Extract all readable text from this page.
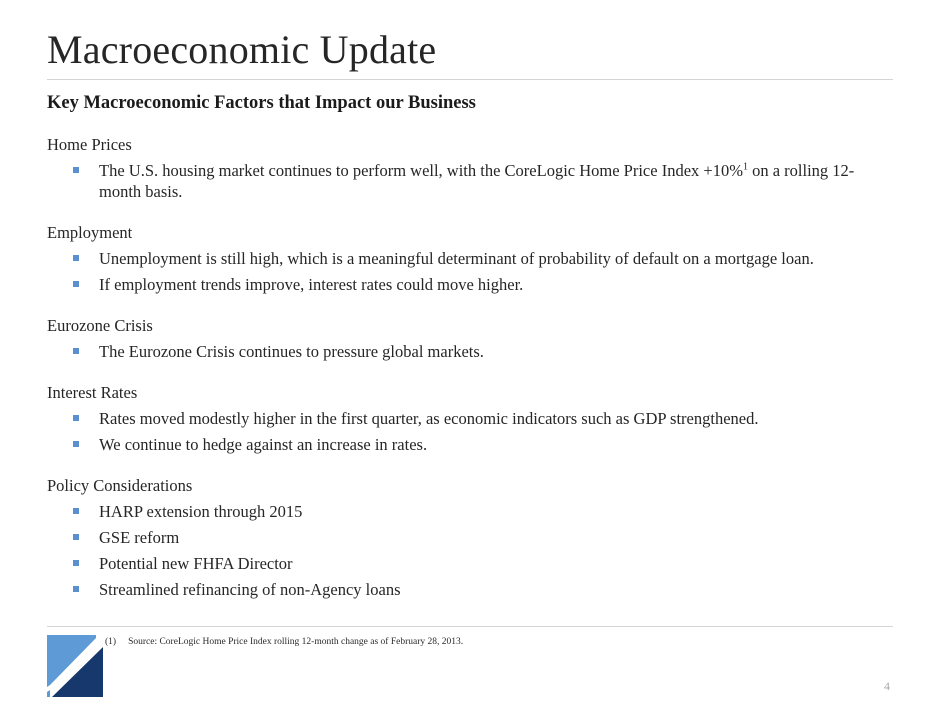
Macroeconomic Update
Key Macroeconomic Factors that Impact our Business
Home Prices
The U.S. housing market continues to perform well, with the CoreLogic Home Price Index +10%$^1$ on a rolling 12-month basis.
Employment
Unemployment is still high, which is a meaningful determinant of probability of default on a mortgage loan.
If employment trends improve, interest rates could move higher.
Eurozone Crisis
The Eurozone Crisis continues to pressure global markets.
Interest Rates
Rates moved modestly higher in the first quarter, as economic indicators such as GDP strengthened.
We continue to hedge against an increase in rates.
Policy Considerations
HARP extension through 2015
GSE reform
Potential new FHFA Director
Streamlined refinancing of non-Agency loans
(1) Source: CoreLogic Home Price Index rolling 12-month change as of February 28, 2013.
4
